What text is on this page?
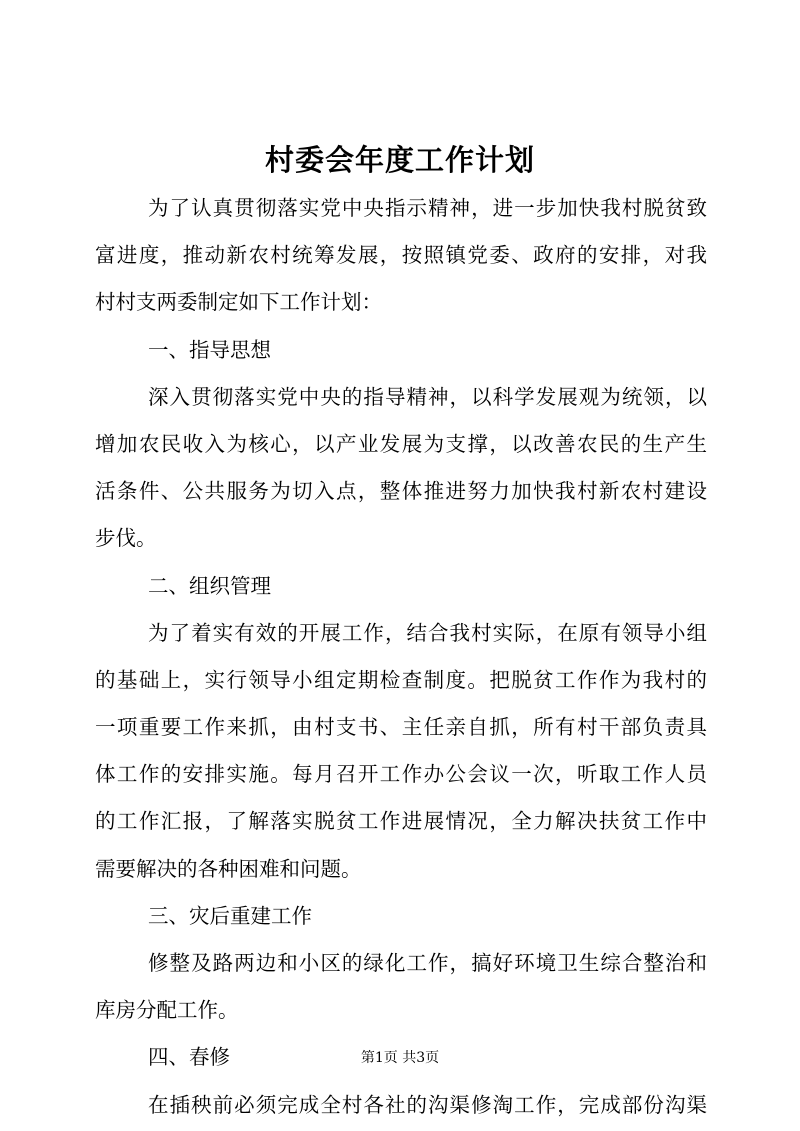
村委会年度工作计划
为了认真贯彻落实党中央指示精神，进一步加快我村脱贫致
富进度，推动新农村统筹发展，按照镇党委、政府的安排，对我
村村支两委制定如下工作计划：
一、指导思想
深入贯彻落实党中央的指导精神，以科学发展观为统领，以
增加农民收入为核心，以产业发展为支撑，以改善农民的生产生
活条件、公共服务为切入点，整体推进努力加快我村新农村建设
步伐。
二、组织管理
为了着实有效的开展工作，结合我村实际，在原有领导小组
的基础上，实行领导小组定期检查制度。把脱贫工作作为我村的
一项重要工作来抓，由村支书、主任亲自抓，所有村干部负责具
体工作的安排实施。每月召开工作办公会议一次，听取工作人员
的工作汇报，了解落实脱贫工作进展情况，全力解决扶贫工作中
需要解决的各种困难和问题。
三、灾后重建工作
修整及路两边和小区的绿化工作，搞好环境卫生综合整治和
库房分配工作。
四、春修
在插秧前必须完成全村各社的沟渠修淘工作，完成部份沟渠
第1页 共3页
